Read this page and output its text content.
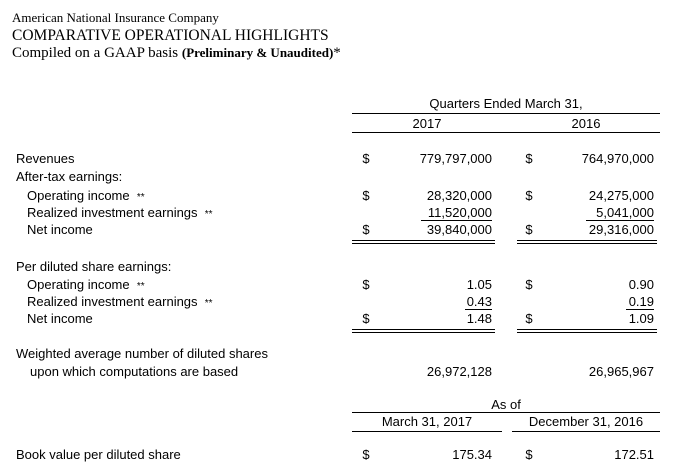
American National Insurance Company
COMPARATIVE OPERATIONAL HIGHLIGHTS
Compiled on a GAAP basis (Preliminary & Unaudited)*
Quarters Ended March 31,
2017	2016
Revenues	$	779,797,000	$	764,970,000
After-tax earnings:
Operating income **	$	28,320,000	$	24,275,000
Realized investment earnings **	11,520,000	5,041,000
Net income	$	39,840,000	$	29,316,000
Per diluted share earnings:
Operating income **	$	1.05	$	0.90
Realized investment earnings **	0.43	0.19
Net income	$	1.48	$	1.09
Weighted average number of diluted shares
upon which computations are based	26,972,128	26,965,967
As of
March 31, 2017	December 31, 2016
Book value per diluted share	$	175.34	$	172.51
